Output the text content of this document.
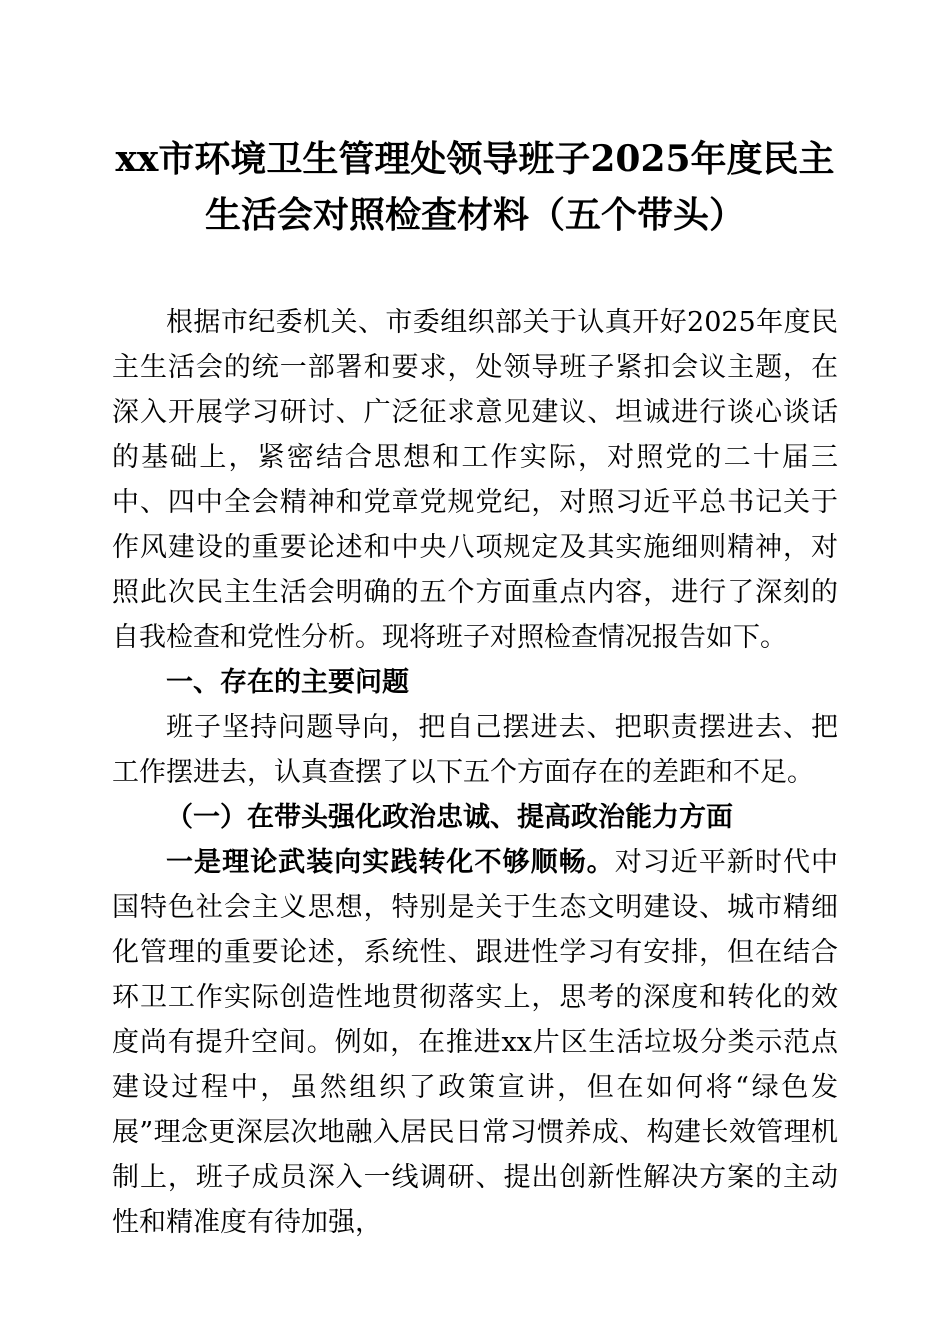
xx市环境卫生管理处领导班子2025年度民主生活会对照检查材料（五个带头）

根据市纪委机关、市委组织部关于认真开好2025年度民主生活会的统一部署和要求，处领导班子紧扣会议主题，在深入开展学习研讨、广泛征求意见建议、坦诚进行谈心谈话的基础上，紧密结合思想和工作实际，对照党的二十届三中、四中全会精神和党章党规党纪，对照习近平总书记关于作风建设的重要论述和中央八项规定及其实施细则精神，对照此次民主生活会明确的五个方面重点内容，进行了深刻的自我检查和党性分析。现将班子对照检查情况报告如下。

一、存在的主要问题

班子坚持问题导向，把自己摆进去、把职责摆进去、把工作摆进去，认真查摆了以下五个方面存在的差距和不足。

（一）在带头强化政治忠诚、提高政治能力方面

一是理论武装向实践转化不够顺畅。对习近平新时代中国特色社会主义思想，特别是关于生态文明建设、城市精细化管理的重要论述，系统性、跟进性学习有安排，但在结合环卫工作实际创造性地贯彻落实上，思考的深度和转化的效度尚有提升空间。例如，在推进xx片区生活垃圾分类示范点建设过程中，虽然组织了政策宣讲，但在如何将“绿色发展”理念更深层次地融入居民日常习惯养成、构建长效管理机制上，班子成员深入一线调研、提出创新性解决方案的主动性和精准度有待加强，
